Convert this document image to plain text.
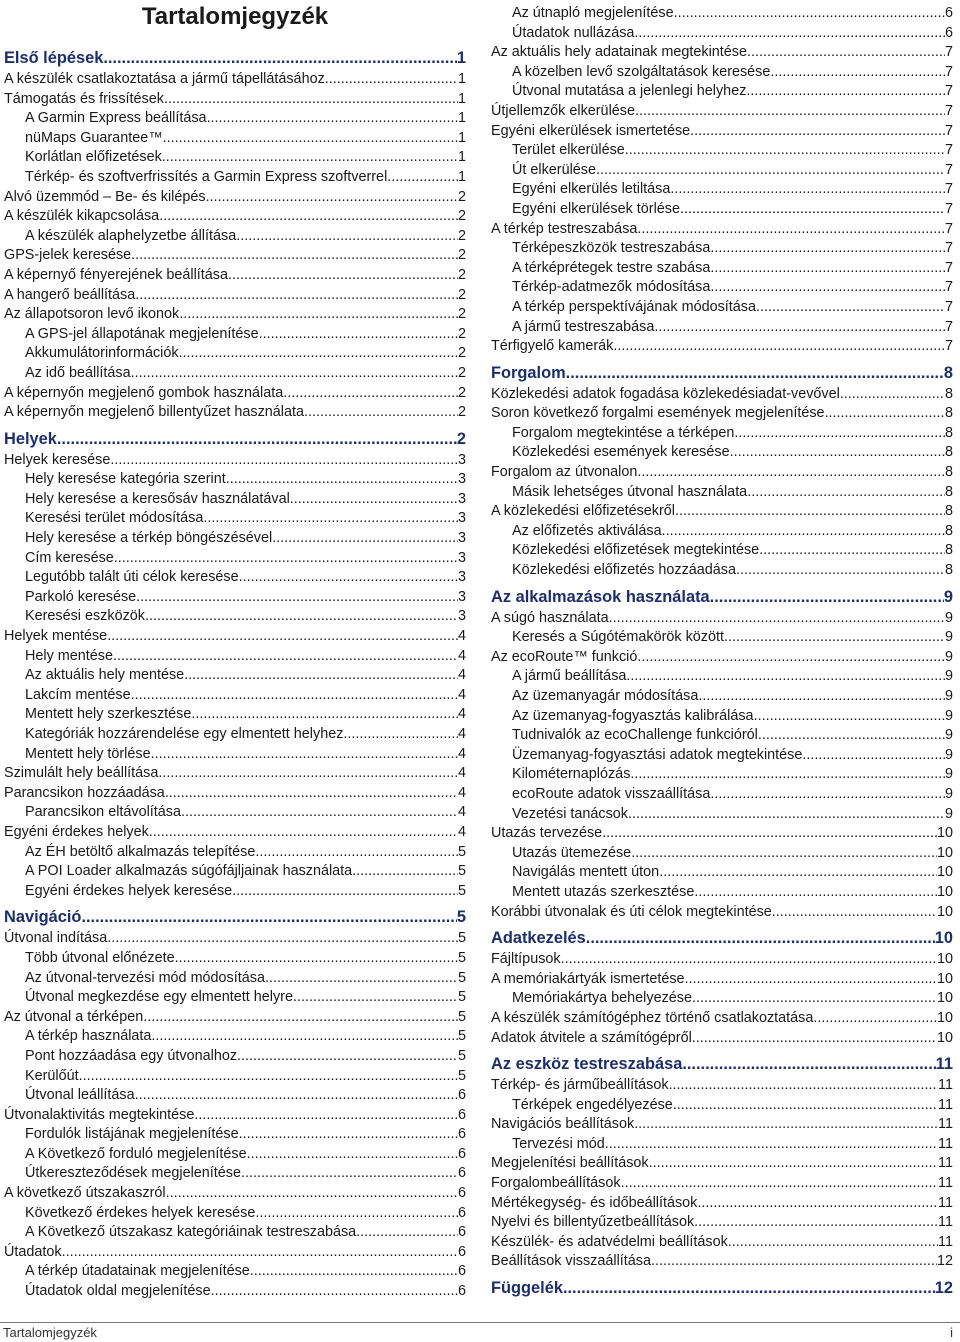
Tartalomjegyzék
Első lépések .....	1
A készülék csatlakoztatása a jármű tápellátásához .....	1
Támogatás és frissítések .....	1
A Garmin Express beállítása .....	1
nüMaps Guarantee™ .....	1
Korlátlan előfizetések .....	1
Térkép- és szoftverfrissítés a Garmin Express szoftverrel .....	1
Alvó üzemmód – Be- és kilépés .....	2
A készülék kikapcsolása .....	2
A készülék alaphelyzetbe állítása .....	2
GPS-jelek keresése .....	2
A képernyő fényerejének beállítása .....	2
A hangerő beállítása .....	2
Az állapotsoron levő ikonok .....	2
A GPS-jel állapotának megjelenítése .....	2
Akkumulátorinformációk .....	2
Az idő beállítása .....	2
A képernyőn megjelenő gombok használata .....	2
A képernyőn megjelenő billentyűzet használata .....	2
Helyek .....	2
Helyek keresése .....	3
Hely keresése kategória szerint .....	3
Hely keresése a keresősáv használatával .....	3
Keresési terület módosítása .....	3
Hely keresése a térkép böngészésével .....	3
Cím keresése .....	3
Legutóbb talált úti célok keresése .....	3
Parkoló keresése .....	3
Keresési eszközök .....	3
Helyek mentése .....	4
Hely mentése .....	4
Az aktuális hely mentése .....	4
Lakcím mentése .....	4
Mentett hely szerkesztése .....	4
Kategóriák hozzárendelése egy elmentett helyhez .....	4
Mentett hely törlése .....	4
Szimulált hely beállítása .....	4
Parancsikon hozzáadása .....	4
Parancsikon eltávolítása .....	4
Egyéni érdekes helyek .....	4
Az ÉH betöltő alkalmazás telepítése .....	5
A POI Loader alkalmazás súgófájljainak használata .....	5
Egyéni érdekes helyek keresése .....	5
Navigáció .....	5
Útvonal indítása .....	5
Több útvonal előnézete .....	5
Az útvonal-tervezési mód módosítása .....	5
Útvonal megkezdése egy elmentett helyre .....	5
Az útvonal a térképen .....	5
A térkép használata .....	5
Pont hozzáadása egy útvonalhoz .....	5
Kerülőút .....	5
Útvonal leállítása .....	6
Útvonalaktivitás megtekintése .....	6
Fordulók listájának megjelenítése .....	6
A Következő forduló megjelenítése .....	6
Útkereszteződések megjelenítése .....	6
A következő útszakaszról .....	6
Következő érdekes helyek keresése .....	6
A Következő útszakasz kategóriáinak testreszabása .....	6
Útadatok .....	6
A térkép útadatainak megjelenítése .....	6
Útadatok oldal megjelenítése .....	6
Az útnapló megjelenítése .....	6
Útadatok nullázása .....	6
Az aktuális hely adatainak megtekintése .....	7
A közelben levő szolgáltatások keresése .....	7
Útvonal mutatása a jelenlegi helyhez .....	7
Útjellemzők elkerülése .....	7
Egyéni elkerülések ismertetése .....	7
Terület elkerülése .....	7
Út elkerülése .....	7
Egyéni elkerülés letiltása .....	7
Egyéni elkerülések törlése .....	7
A térkép testreszabása .....	7
Térképeszközök testreszabása .....	7
A térképrétegek testre szabása .....	7
Térkép-adatmezők módosítása .....	7
A térkép perspektívájának módosítása .....	7
A jármű testreszabása .....	7
Térfigyelő kamerák .....	7
Forgalom .....	8
Közlekedési adatok fogadása közlekedésiadat-vevővel .....	8
Soron következő forgalmi események megjelenítése .....	8
Forgalom megtekintése a térképen .....	8
Közlekedési események keresése .....	8
Forgalom az útvonalon .....	8
Másik lehetséges útvonal használata .....	8
A közlekedési előfizetésekről .....	8
Az előfizetés aktiválása .....	8
Közlekedési előfizetések megtekintése .....	8
Közlekedési előfizetés hozzáadása .....	8
Az alkalmazások használata .....	9
A súgó használata .....	9
Keresés a Súgótémakörök között .....	9
Az ecoRoute™ funkció .....	9
A jármű beállítása .....	9
Az üzemanyagár módosítása .....	9
Az üzemanyag-fogyasztás kalibrálása .....	9
Tudnivalók az ecoChallenge funkcióról .....	9
Üzemanyag-fogyasztási adatok megtekintése .....	9
Kilométernaplózás .....	9
ecoRoute adatok visszaállítása .....	9
Vezetési tanácsok .....	9
Utazás tervezése .....	10
Utazás ütemezése .....	10
Navigálás mentett úton .....	10
Mentett utazás szerkesztése .....	10
Korábbi útvonalak és úti célok megtekintése .....	10
Adatkezelés .....	10
Fájltípusok .....	10
A memóriakártyák ismertetése .....	10
Memóriakártya behelyezése .....	10
A készülék számítógéphez történő csatlakoztatása .....	10
Adatok átvitele a számítógépről .....	10
Az eszköz testreszabása .....	11
Térkép- és járműbeállítások .....	11
Térképek engedélyezése .....	11
Navigációs beállítások .....	11
Tervezési mód .....	11
Megjelenítési beállítások .....	11
Forgalombeállítások .....	11
Mértékegység- és időbeállítások .....	11
Nyelvi és billentyűzetbeállítások .....	11
Készülék- és adatvédelmi beállítások .....	11
Beállítások visszaállítása .....	12
Függelék .....	12
Tartalomjegyzék	i
